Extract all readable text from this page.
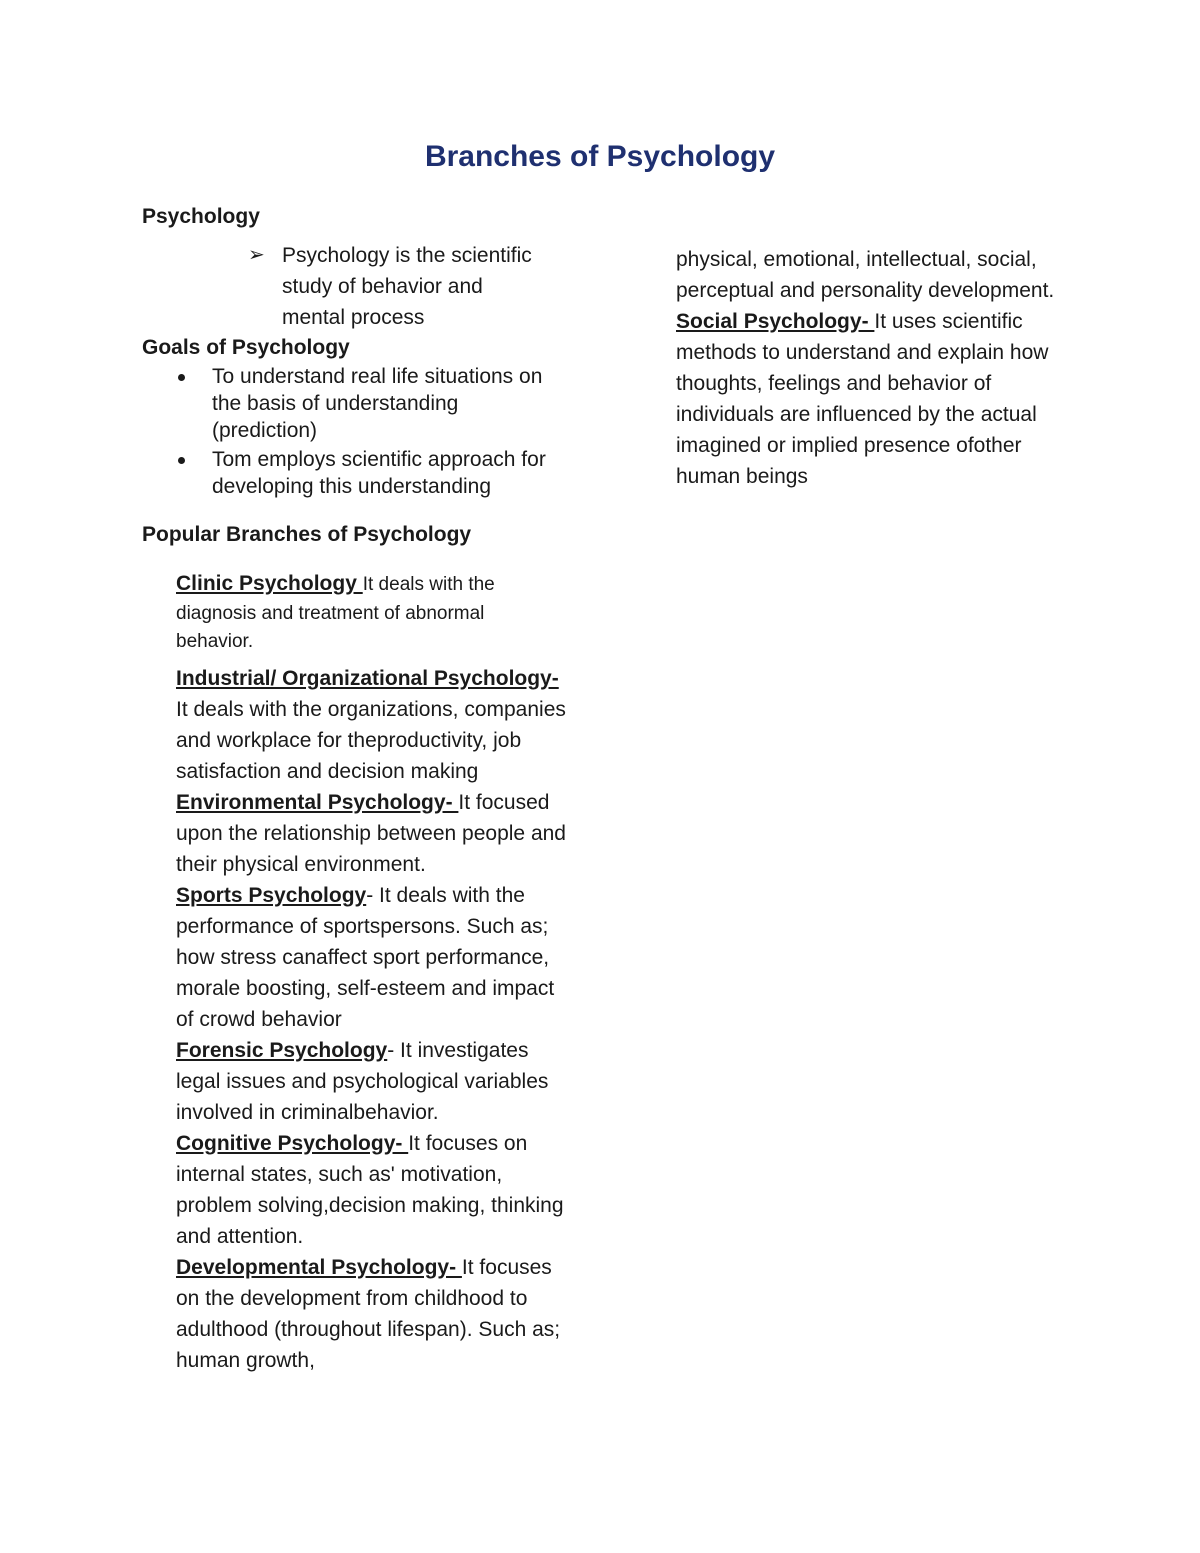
Branches of Psychology
Psychology
➢ Psychology is the scientific study of behavior and mental process
Goals of Psychology
To understand real life situations on the basis of understanding (prediction)
Tom employs scientific approach for developing this understanding
Popular Branches of Psychology

Clinic Psychology It deals with the diagnosis and treatment of abnormal behavior.

Industrial/ Organizational Psychology- It deals with the organizations, companies and workplace for theproductivity, job satisfaction and decision making

Environmental Psychology- It focused upon the relationship between people and their physical environment.

Sports Psychology- It deals with the performance of sportspersons. Such as; how stress canaffect sport performance, morale boosting, self-esteem and impact of crowd behavior

Forensic Psychology- It investigates legal issues and psychological variables involved in criminalbehavior.

Cognitive Psychology- It focuses on internal states, such as' motivation, problem solving,decision making, thinking and attention.

Developmental Psychology- It focuses on the development from childhood to adulthood (throughout lifespan). Such as; human growth,

physical, emotional, intellectual, social, perceptual and personality development.

Social Psychology- It uses scientific methods to understand and explain how thoughts, feelings and behavior of individuals are influenced by the actual imagined or implied presence ofother human beings
